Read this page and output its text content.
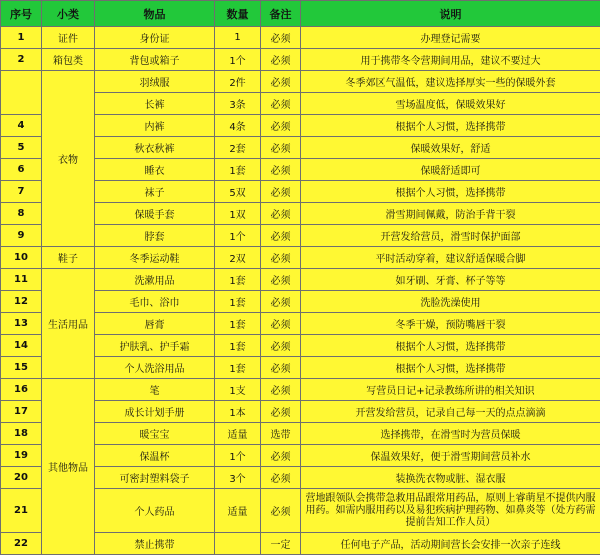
序号	小类	物品	数量	备注	说明
1	证件	身份证	1	必须	办理登记需要
2	箱包类	背包或箱子	1个	必须	用于携带冬令营期间用品，建议不要过大
	衣物	羽绒服	2件	必须	冬季郊区气温低，建议选择厚实一些的保暖外套
		长裤	3条	必须	雪场温度低，保暖效果好
4		内裤	4条	必须	根据个人习惯，选择携带
5		秋衣秋裤	2套	必须	保暖效果好，舒适
6		睡衣	1套	必须	保暖舒适即可
7		袜子	5双	必须	根据个人习惯，选择携带
8		保暖手套	1双	必须	滑雪期间佩戴，防治手背干裂
9		脖套	1个	必须	开营发给营员，滑雪时保护面部
10	鞋子	冬季运动鞋	2双	必须	平时活动穿着，建议舒适保暖合脚
11	生活用品	洗漱用品	1套	必须	如牙刷、牙膏、杯子等等
12		毛巾、浴巾	1套	必须	洗脸洗澡使用
13		唇膏	1套	必须	冬季干燥，预防嘴唇干裂
14		护肤乳、护手霜	1套	必须	根据个人习惯，选择携带
15		个人洗浴用品	1套	必须	根据个人习惯，选择携带
16	其他物品	笔	1支	必须	写营员日记+记录教练所讲的相关知识
17		成长计划手册	1本	必须	开营发给营员，记录自己每一天的点点滴滴
18		暖宝宝	适量	选带	选择携带，在滑雪时为营员保暖
19		保温杯	1个	必须	保温效果好，便于滑雪期间营员补水
20		可密封塑料袋子	3个	必须	装换洗衣物或脏、湿衣服
21		个人药品	适量	必须	营地跟领队会携带急救用品跟常用药品，原则上睿萌星不提供内服用药。如需内服用药以及易犯疾病护理药物、如鼻炎等（处方药需提前告知工作人员）
22		禁止携带		一定	任何电子产品，活动期间营长会安排一次亲子连线
